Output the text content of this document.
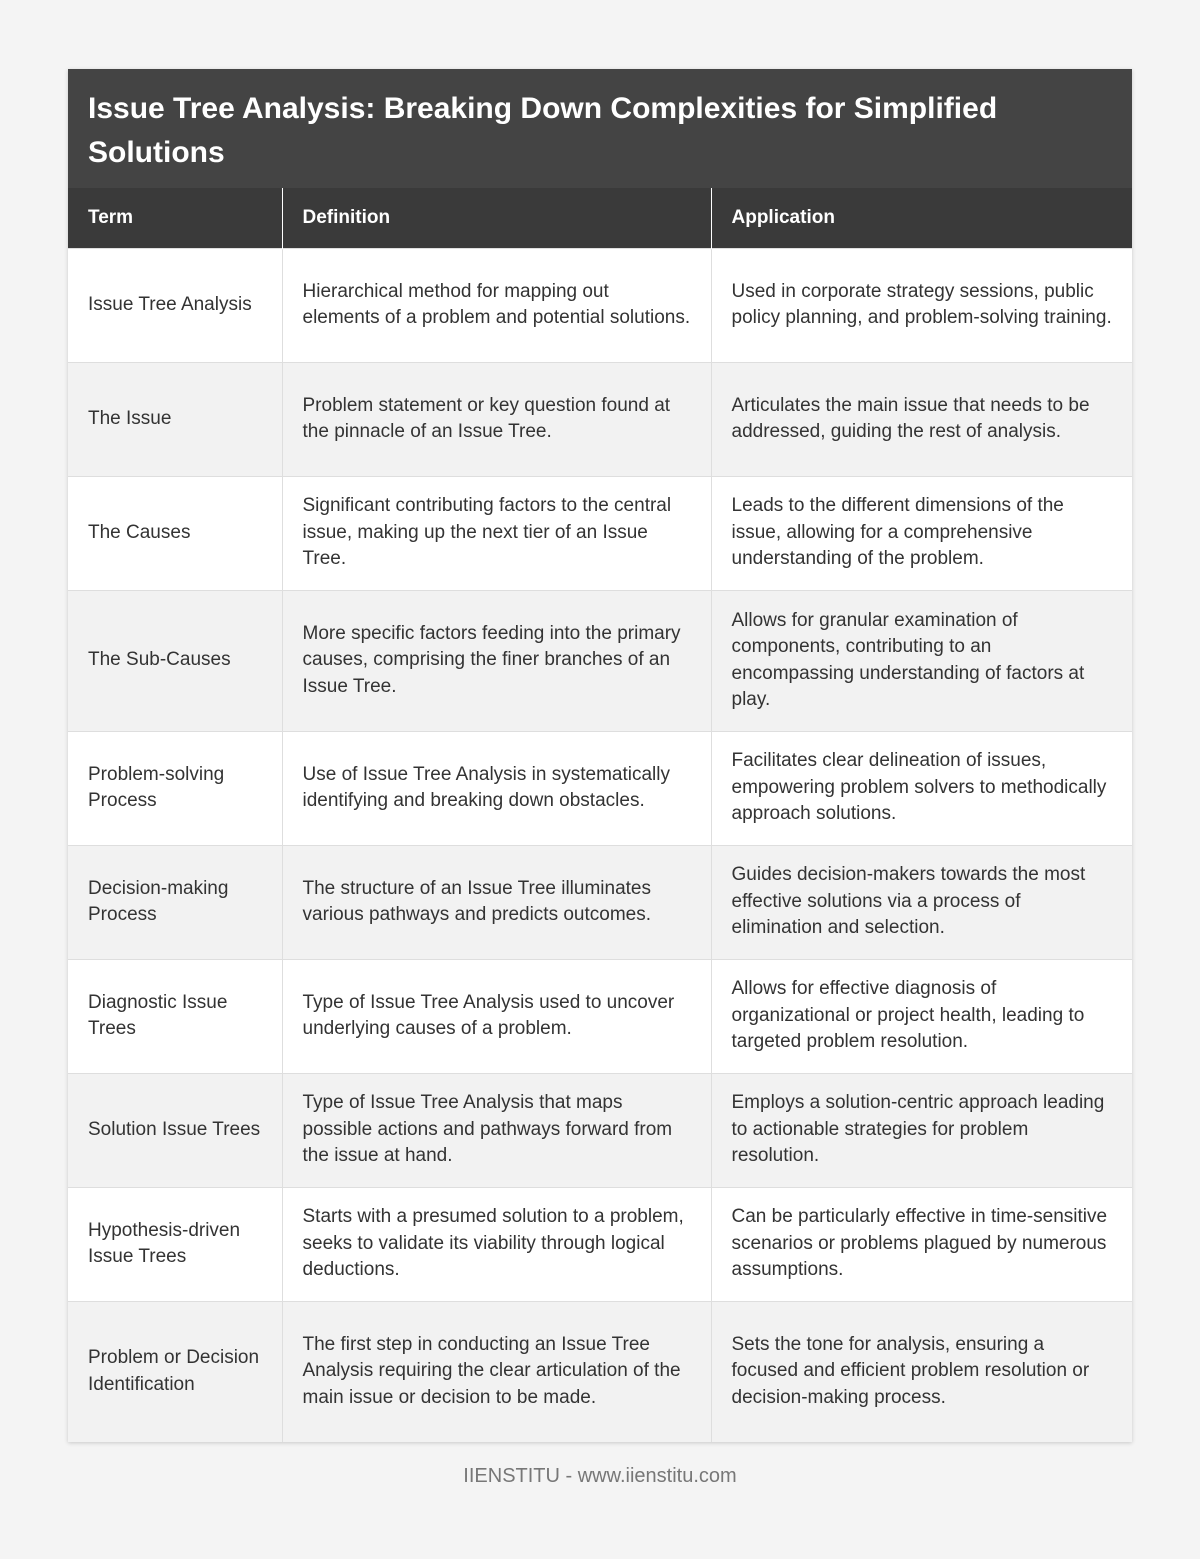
Issue Tree Analysis: Breaking Down Complexities for Simplified Solutions
Term	Definition	Application
Issue Tree Analysis	Hierarchical method for mapping out elements of a problem and potential solutions.	Used in corporate strategy sessions, public policy planning, and problem-solving training.
The Issue	Problem statement or key question found at the pinnacle of an Issue Tree.	Articulates the main issue that needs to be addressed, guiding the rest of analysis.
The Causes	Significant contributing factors to the central issue, making up the next tier of an Issue Tree.	Leads to the different dimensions of the issue, allowing for a comprehensive understanding of the problem.
The Sub-Causes	More specific factors feeding into the primary causes, comprising the finer branches of an Issue Tree.	Allows for granular examination of components, contributing to an encompassing understanding of factors at play.
Problem-solving Process	Use of Issue Tree Analysis in systematically identifying and breaking down obstacles.	Facilitates clear delineation of issues, empowering problem solvers to methodically approach solutions.
Decision-making Process	The structure of an Issue Tree illuminates various pathways and predicts outcomes.	Guides decision-makers towards the most effective solutions via a process of elimination and selection.
Diagnostic Issue Trees	Type of Issue Tree Analysis used to uncover underlying causes of a problem.	Allows for effective diagnosis of organizational or project health, leading to targeted problem resolution.
Solution Issue Trees	Type of Issue Tree Analysis that maps possible actions and pathways forward from the issue at hand.	Employs a solution-centric approach leading to actionable strategies for problem resolution.
Hypothesis-driven Issue Trees	Starts with a presumed solution to a problem, seeks to validate its viability through logical deductions.	Can be particularly effective in time-sensitive scenarios or problems plagued by numerous assumptions.
Problem or Decision Identification	The first step in conducting an Issue Tree Analysis requiring the clear articulation of the main issue or decision to be made.	Sets the tone for analysis, ensuring a focused and efficient problem resolution or decision-making process.
IIENSTITU - www.iienstitu.com
